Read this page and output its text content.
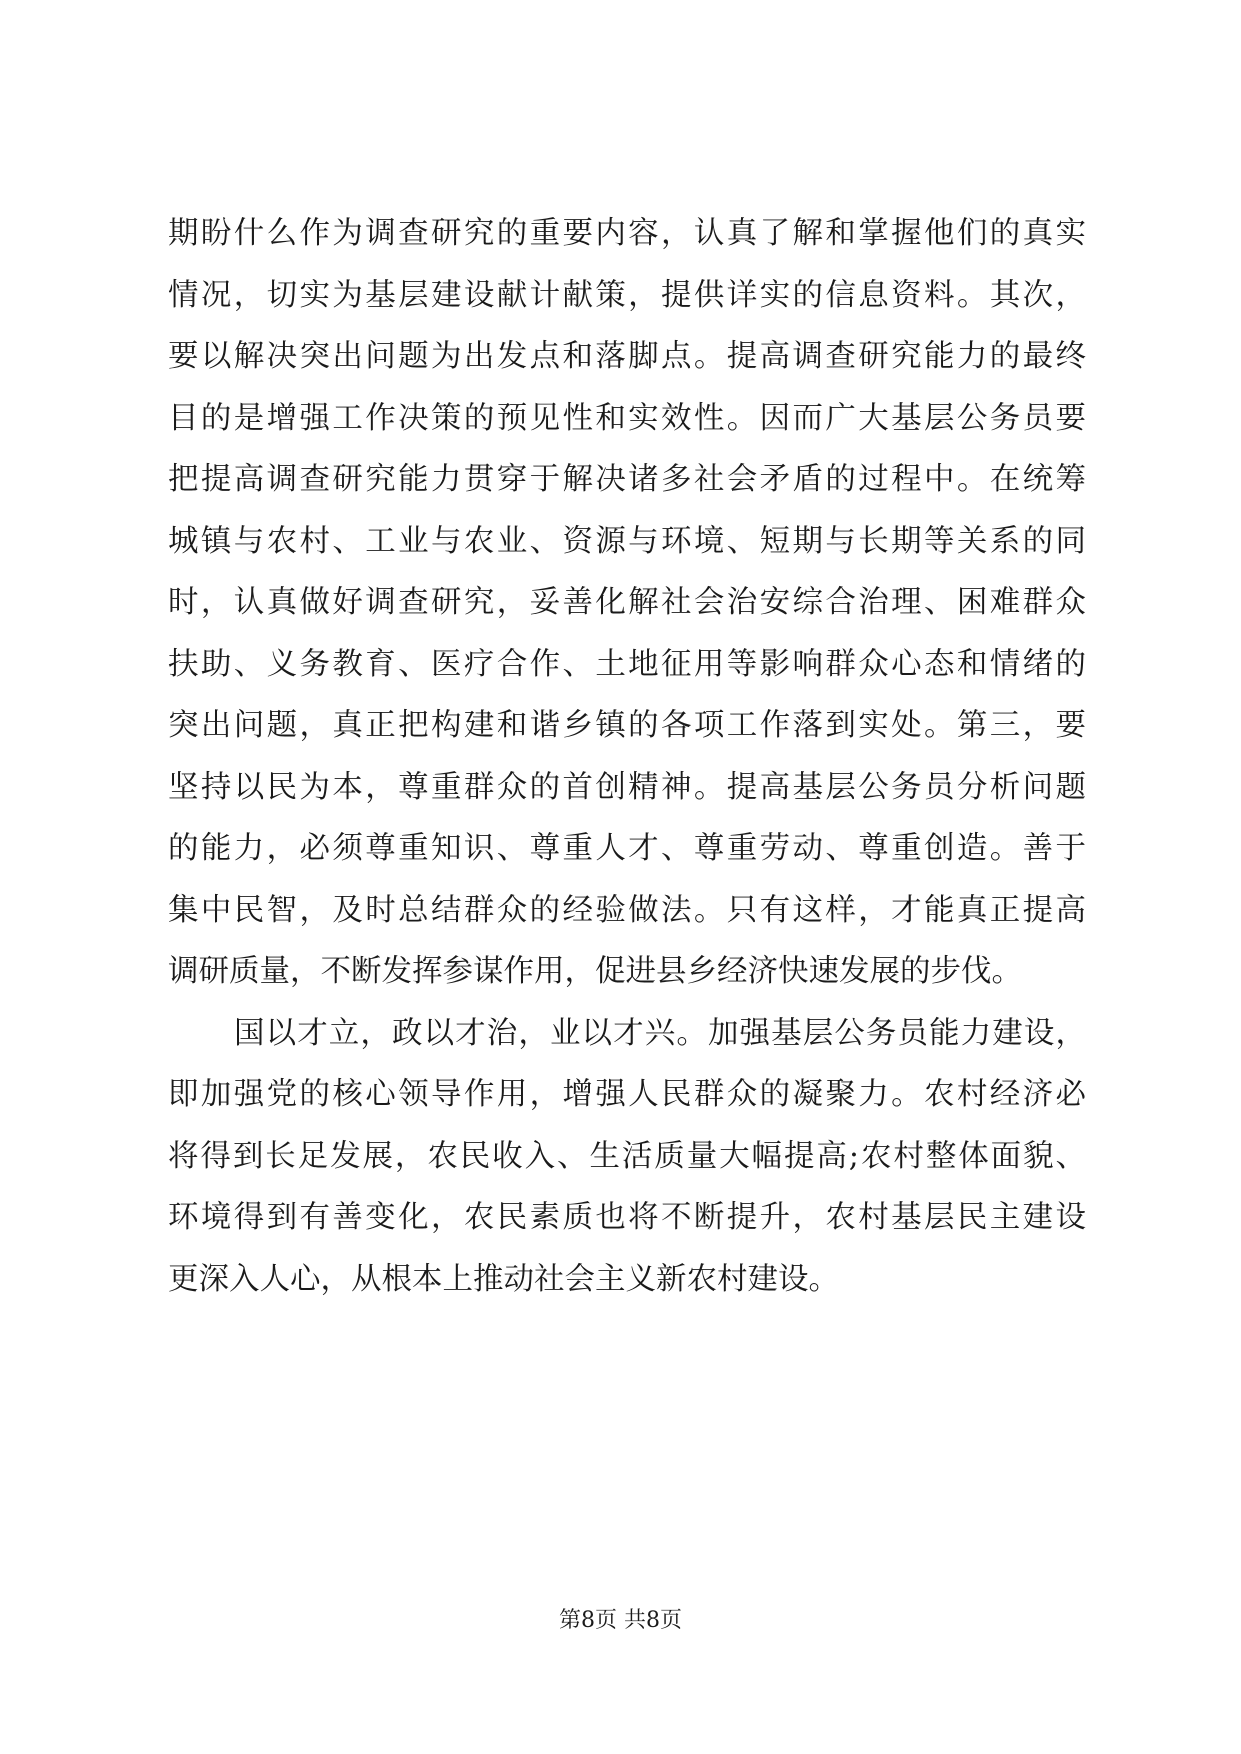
期盼什么作为调查研究的重要内容，认真了解和掌握他们的真实
情况，切实为基层建设献计献策，提供详实的信息资料。其次，
要以解决突出问题为出发点和落脚点。提高调查研究能力的最终
目的是增强工作决策的预见性和实效性。因而广大基层公务员要
把提高调查研究能力贯穿于解决诸多社会矛盾的过程中。在统筹
城镇与农村、工业与农业、资源与环境、短期与长期等关系的同
时，认真做好调查研究，妥善化解社会治安综合治理、困难群众
扶助、义务教育、医疗合作、土地征用等影响群众心态和情绪的
突出问题，真正把构建和谐乡镇的各项工作落到实处。第三，要
坚持以民为本，尊重群众的首创精神。提高基层公务员分析问题
的能力，必须尊重知识、尊重人才、尊重劳动、尊重创造。善于
集中民智，及时总结群众的经验做法。只有这样，才能真正提高
调研质量，不断发挥参谋作用，促进县乡经济快速发展的步伐。
国以才立，政以才治，业以才兴。加强基层公务员能力建设，
即加强党的核心领导作用，增强人民群众的凝聚力。农村经济必
将得到长足发展，农民收入、生活质量大幅提高;农村整体面貌、
环境得到有善变化，农民素质也将不断提升，农村基层民主建设
更深入人心，从根本上推动社会主义新农村建设。
第8页 共8页
